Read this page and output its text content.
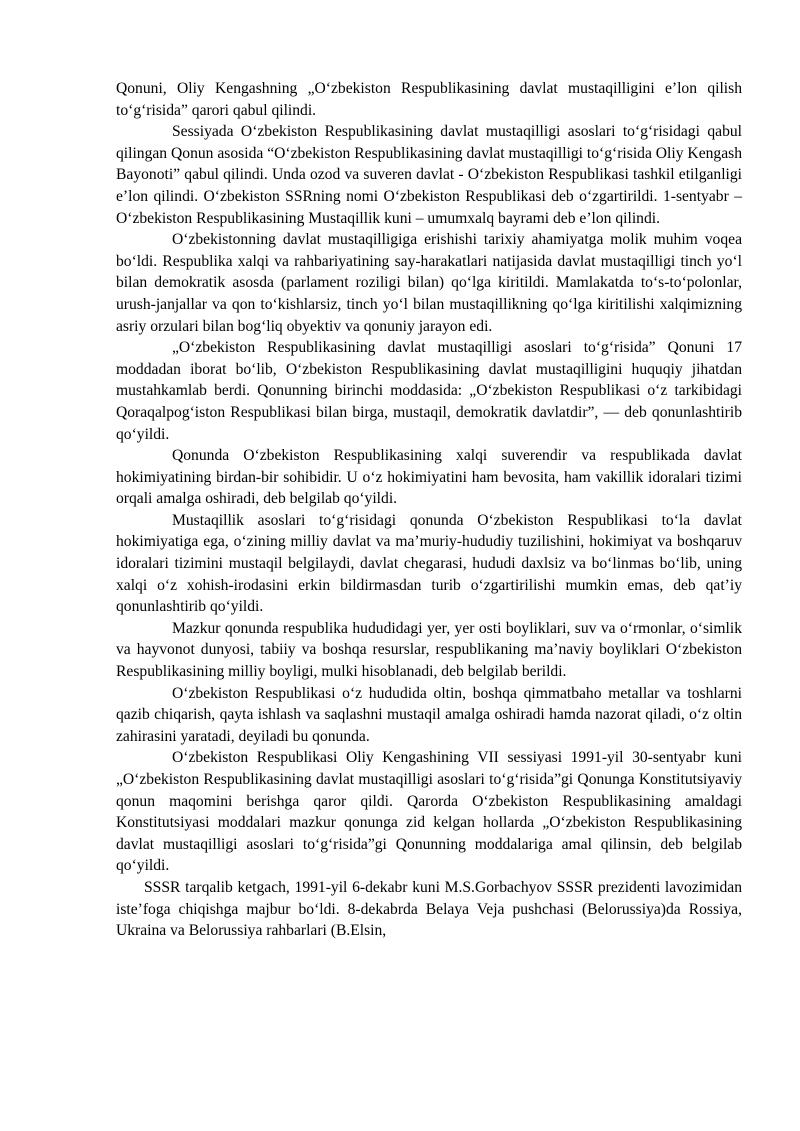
Qonuni, Oliy Kengashning „O‘zbekiston Respublikasining davlat mustaqilligini e’lon qilish to‘g‘risida” qarori qabul qilindi.

Sessiyada O‘zbekiston Respublikasining davlat mustaqilligi asoslari to‘g‘risidagi qabul qilingan Qonun asosida “O‘zbekiston Respublikasining davlat mustaqilligi to‘g‘risida Oliy Kengash Bayonoti” qabul qilindi. Unda ozod va suveren davlat - O‘zbekiston Respublikasi tashkil etilganligi e’lon qilindi. O‘zbekiston SSRning nomi O‘zbekiston Respublikasi deb o‘zgartirildi. 1-sentyabr – O‘zbekiston Respublikasining Mustaqillik kuni – umumxalq bayrami deb e’lon qilindi.

O‘zbekistonning davlat mustaqilligiga erishishi tarixiy ahamiyatga molik muhim voqea bo‘ldi. Respublika xalqi va rahbariyatining say-harakatlari natijasida davlat mustaqilligi tinch yo‘l bilan demokratik asosda (parlament roziligi bilan) qo‘lga kiritildi. Mamlakatda to‘s-to‘polonlar, urush-janjallar va qon to‘kishlarsiz, tinch yo‘l bilan mustaqillikning qo‘lga kiritilishi xalqimizning asriy orzulari bilan bog‘liq obyektiv va qonuniy jarayon edi.

„O‘zbekiston Respublikasining davlat mustaqilligi asoslari to‘g‘risida” Qonuni 17 moddadan iborat bo‘lib, O‘zbekiston Respublikasining davlat mustaqilligini huquqiy jihatdan mustahkamlab berdi. Qonunning birinchi moddasida: „O‘zbekiston Respublikasi o‘z tarkibidagi Qoraqalpog‘iston Respublikasi bilan birga, mustaqil, demokratik davlatdir”, — deb qonunlashtirib qo‘yildi.

Qonunda O‘zbekiston Respublikasining xalqi suverendir va respublikada davlat hokimiyatining birdan-bir sohibidir. U o‘z hokimiyatini ham bevosita, ham vakillik idoralari tizimi orqali amalga oshiradi, deb belgilab qo‘yildi.

Mustaqillik asoslari to‘g‘risidagi qonunda O‘zbekiston Respublikasi to‘la davlat hokimiyatiga ega, o‘zining milliy davlat va ma’muriy-hududiy tuzilishini, hokimiyat va boshqaruv idoralari tizimini mustaqil belgilaydi, davlat chegarasi, hududi daxlsiz va bo‘linmas bo‘lib, uning xalqi o‘z xohish-irodasini erkin bildirmasdan turib o‘zgartirilishi mumkin emas, deb qat’iy qonunlashtirib qo‘yildi.

Mazkur qonunda respublika hududidagi yer, yer osti boyliklari, suv va o‘rmonlar, o‘simlik va hayvonot dunyosi, tabiiy va boshqa resurslar, respublikaning ma’naviy boyliklari O‘zbekiston Respublikasining milliy boyligi, mulki hisoblanadi, deb belgilab berildi.

O‘zbekiston Respublikasi o‘z hududida oltin, boshqa qimmatbaho metallar va toshlarni qazib chiqarish, qayta ishlash va saqlashni mustaqil amalga oshiradi hamda nazorat qiladi, o‘z oltin zahirasini yaratadi, deyiladi bu qonunda.

O‘zbekiston Respublikasi Oliy Kengashining VII sessiyasi 1991-yil 30-sentyabr kuni „O‘zbekiston Respublikasining davlat mustaqilligi asoslari to‘g‘risida”gi Qonunga Konstitutsiyaviy qonun maqomini berishga qaror qildi. Qarorda O‘zbekiston Respublikasining amaldagi Konstitutsiyasi moddalari mazkur qonunga zid kelgan hollarda „O‘zbekiston Respublikasining davlat mustaqilligi asoslari to‘g‘risida”gi Qonunning moddalariga amal qilinsin, deb belgilab qo‘yildi.

SSSR tarqalib ketgach, 1991-yil 6-dekabr kuni M.S.Gorbachyov SSSR prezidenti lavozimidan iste’foga chiqishga majbur bo‘ldi. 8-dekabrda Belaya Veja pushchasi (Belorussiya)da Rossiya, Ukraina va Belorussiya rahbarlari (B.Elsin,
